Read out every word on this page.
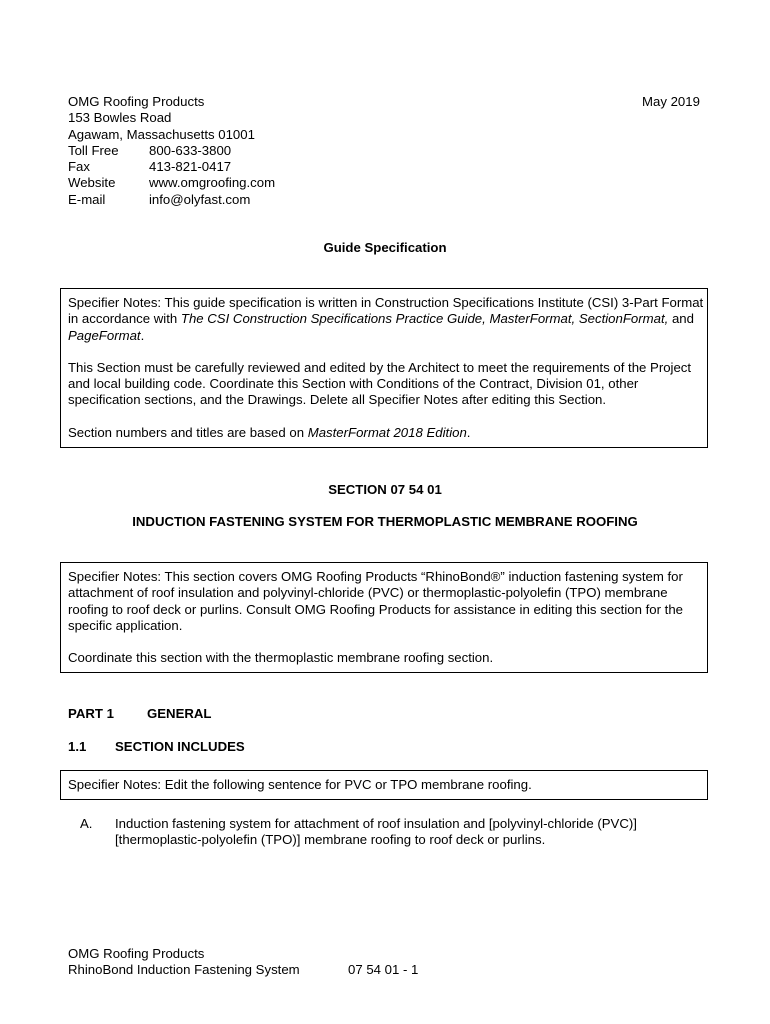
OMG Roofing Products
153 Bowles Road
Agawam, Massachusetts 01001
Toll Free	800-633-3800
Fax	413-821-0417
Website	www.omgroofing.com
E-mail	info@olyfast.com
May 2019
Guide Specification

Specifier Notes: This guide specification is written in Construction Specifications Institute (CSI) 3-Part Format in accordance with The CSI Construction Specifications Practice Guide, MasterFormat, SectionFormat, and PageFormat.

This Section must be carefully reviewed and edited by the Architect to meet the requirements of the Project and local building code. Coordinate this Section with Conditions of the Contract, Division 01, other specification sections, and the Drawings. Delete all Specifier Notes after editing this Section.

Section numbers and titles are based on MasterFormat 2018 Edition.

SECTION 07 54 01
INDUCTION FASTENING SYSTEM FOR THERMOPLASTIC MEMBRANE ROOFING

Specifier Notes: This section covers OMG Roofing Products “RhinoBond®” induction fastening system for attachment of roof insulation and polyvinyl-chloride (PVC) or thermoplastic-polyolefin (TPO) membrane roofing to roof deck or purlins. Consult OMG Roofing Products for assistance in editing this section for the specific application.

Coordinate this section with the thermoplastic membrane roofing section.

PART 1	GENERAL
1.1	SECTION INCLUDES

Specifier Notes: Edit the following sentence for PVC or TPO membrane roofing.

A.	Induction fastening system for attachment of roof insulation and [polyvinyl-chloride (PVC)] [thermoplastic-polyolefin (TPO)] membrane roofing to roof deck or purlins.
OMG Roofing Products
RhinoBond Induction Fastening System	07 54 01 - 1
